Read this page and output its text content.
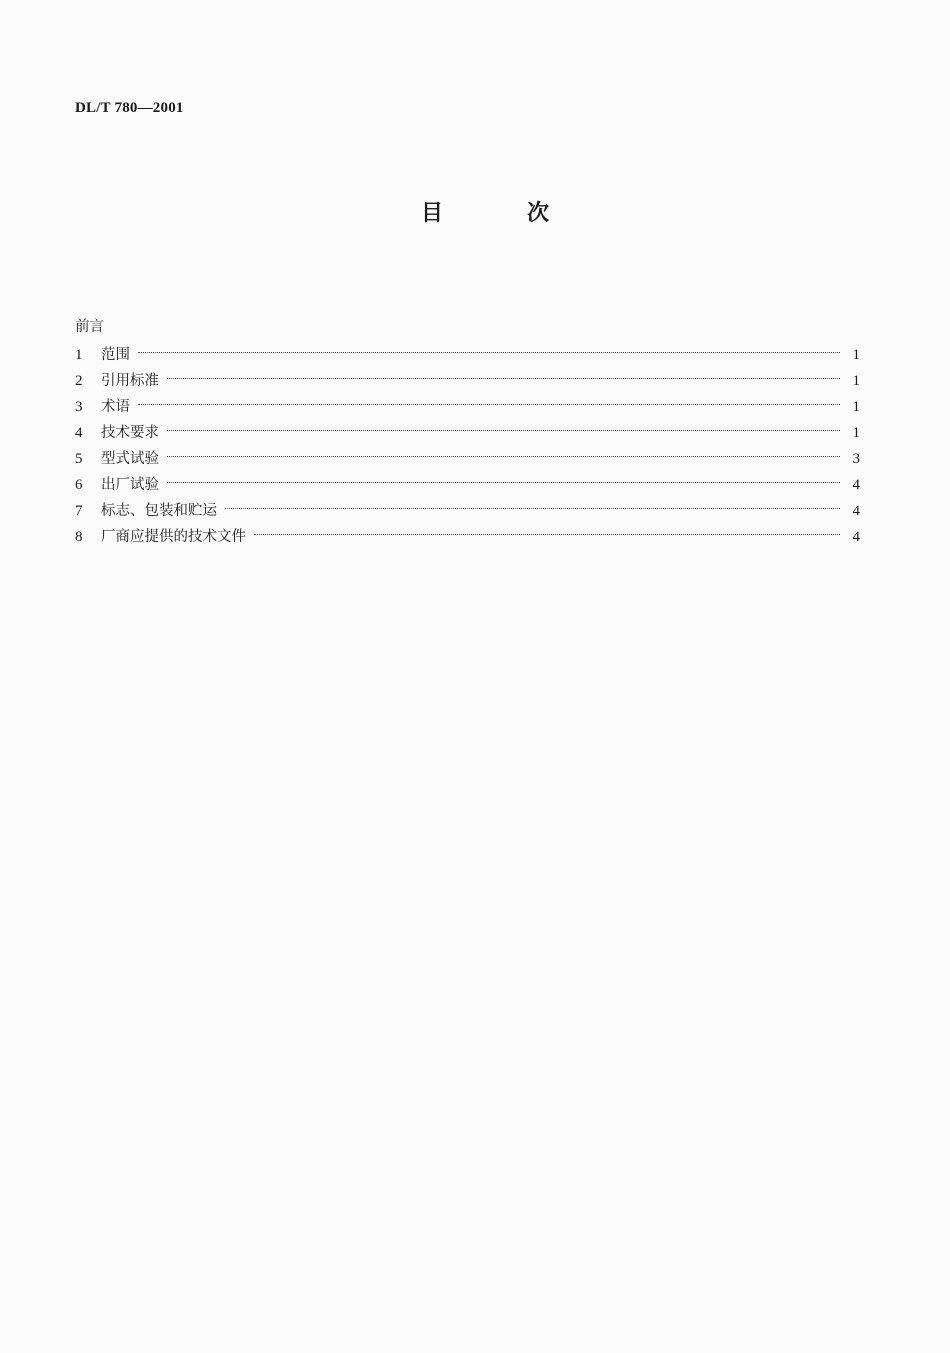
DL/T 780—2001
目	次
前言
1	范围	1
2	引用标准	1
3	术语	1
4	技术要求	1
5	型式试验	3
6	出厂试验	4
7	标志、包装和贮运	4
8	厂商应提供的技术文件	4
